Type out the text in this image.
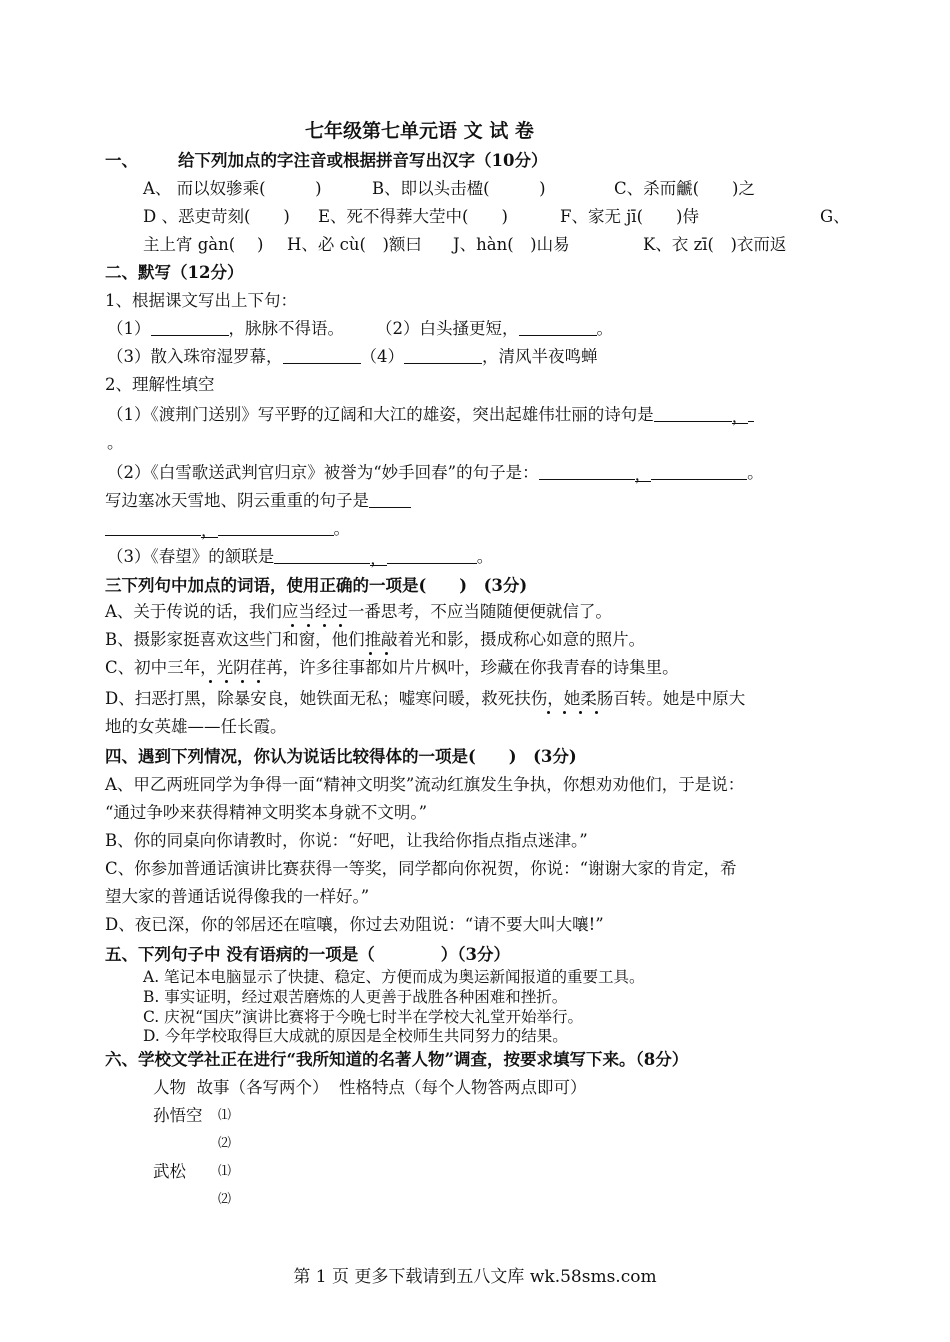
七年级第七单元语 文 试 卷
一、 给下列加点的字注音或根据拼音写出汉字（10分）
A、 而以奴骖乘(　　　)	B、即以头击楹(　　　)	C、杀而䶵(　　)之
D 、恶吏苛刻(　　) E、死不得葬大茔中(　　)	F、家无 jī(　　)侍	G、
主上宵 gàn(　 ) H、必 cù(　)额曰 J、hàn(　)山易	K、衣 zī(　)衣而返
二、默写（12分）
1、根据课文写出上下句：
（1）	，脉脉不得语。 （2）白头搔更短，	。
（3）散入珠帘湿罗幕，	（4）	，清风半夜鸣蝉
2、理解性填空
（1）《渡荆门送别》写平野的辽阔和大江的雄姿，突出起雄伟壮丽的诗句是	，
。
（2）《白雪歌送武判官归京》被誉为“妙手回春”的句子是：	，	。
写边塞冰天雪地、阴云重重的句子是
，	。
（3）《春望》的颔联是	，	。
三下列句中加点的词语，使用正确的一项是(　　)　(3分)
A、关于传说的话，我们应当经过一番思考，不应当随随便便就信了。
B、摄影家挺喜欢这些门和窗，他们推敲着光和影，摄成称心如意的照片。
C、初中三年，光阴荏苒，许多往事都如片片枫叶，珍藏在你我青春的诗集里。
D、扫恶打黑，除暴安良，她铁面无私；嘘寒问暖，救死扶伤，她柔肠百转。她是中原大
地的女英雄——任长霞。
四、遇到下列情况，你认为说话比较得体的一项是(　　)　(3分)
A、甲乙两班同学为争得一面“精神文明奖”流动红旗发生争执，你想劝劝他们，于是说：
“通过争吵来获得精神文明奖本身就不文明。”
B、你的同桌向你请教时，你说：“好吧，让我给你指点指点迷津。”
C、你参加普通话演讲比赛获得一等奖，同学都向你祝贺，你说：“谢谢大家的肯定，希
望大家的普通话说得像我的一样好。”
D、夜已深，你的邻居还在喧嚷，你过去劝阻说：“请不要大叫大嚷!”
五、下列句子中 没有语病的一项是（　　　　）（3分）
A. 笔记本电脑显示了快捷、稳定、方便而成为奥运新闻报道的重要工具。
B. 事实证明，经过艰苦磨炼的人更善于战胜各种困难和挫折。
C. 庆祝“国庆”演讲比赛将于今晚七时半在学校大礼堂开始举行。
D. 今年学校取得巨大成就的原因是全校师生共同努力的结果。
六、学校文学社正在进行“我所知道的名著人物”调查，按要求填写下来。（8分）
人物  故事（各写两个）  性格特点（每个人物答两点即可）
孙悟空 ⑴
⑵
武松 ⑴
⑵
第 1 页 更多下载请到五八文库 wk.58sms.com
